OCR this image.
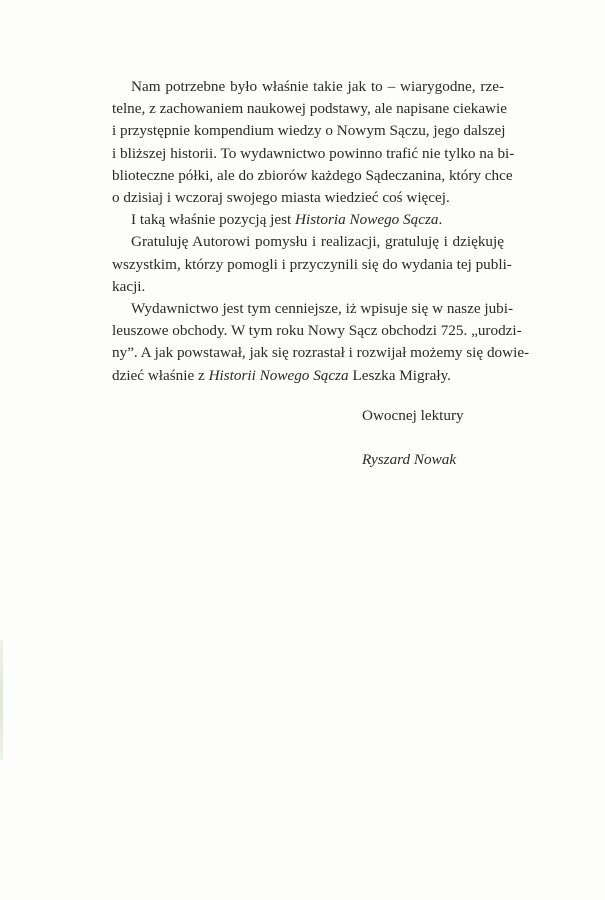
Nam potrzebne było właśnie takie jak to – wiarygodne, rze-
telne, z zachowaniem naukowej podstawy, ale napisane ciekawie
i przystępnie kompendium wiedzy o Nowym Sączu, jego dalszej
i bliższej historii. To wydawnictwo powinno trafić nie tylko na bi-
blioteczne półki, ale do zbiorów każdego Sądeczanina, który chce
o dzisiaj i wczoraj swojego miasta wiedzieć coś więcej.
I taką właśnie pozycją jest Historia Nowego Sącza.
Gratuluję Autorowi pomysłu i realizacji, gratuluję i dziękuję
wszystkim, którzy pomogli i przyczynili się do wydania tej publi-
kacji.
Wydawnictwo jest tym cenniejsze, iż wpisuje się w nasze jubi-
leuszowe obchody. W tym roku Nowy Sącz obchodzi 725. „urodzi-
ny”. A jak powstawał, jak się rozrastał i rozwijał możemy się dowie-
dzieć właśnie z Historii Nowego Sącza Leszka Migrały.
Owocnej lektury
Ryszard Nowak
